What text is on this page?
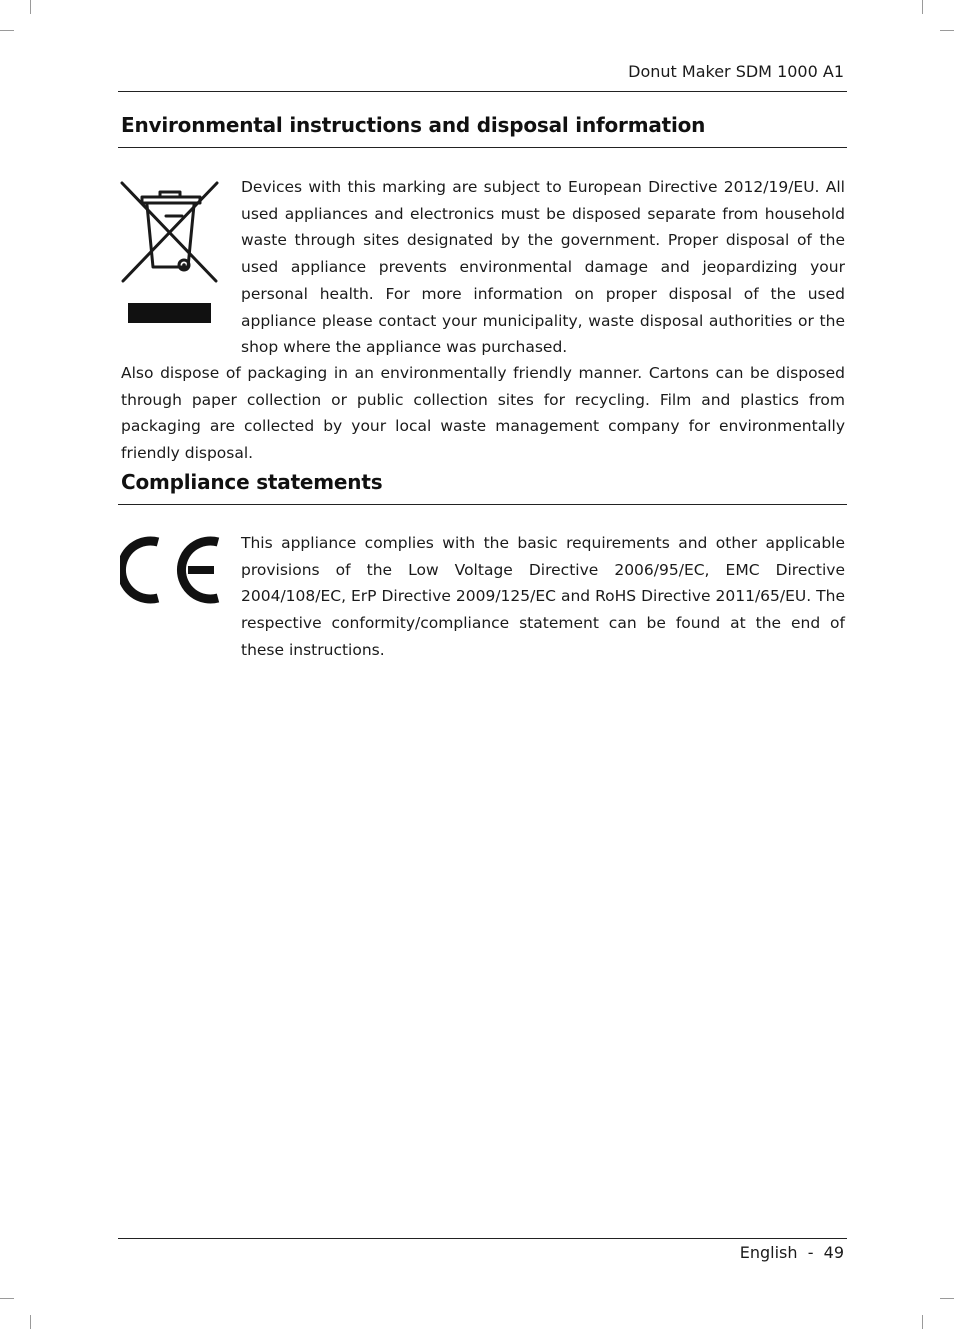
Donut Maker SDM 1000 A1
Environmental instructions and disposal information

Devices with this marking are subject to European Directive 2012/19/EU. All used appliances and electronics must be disposed separate from household waste through sites designated by the government. Proper disposal of the used appliance prevents environmental damage and jeopardizing your personal health. For more information on proper disposal of the used appliance please contact your municipality, waste disposal authorities or the shop where the appliance was purchased.

Also dispose of packaging in an environmentally friendly manner. Cartons can be disposed through paper collection or public collection sites for recycling. Film and plastics from packaging are collected by your local waste management company for environmentally friendly disposal.

Compliance statements

This appliance complies with the basic requirements and other applicable provisions of the Low Voltage Directive 2006/95/EC, EMC Directive 2004/108/EC, ErP Directive 2009/125/EC and RoHS Directive 2011/65/EU. The respective conformity/compliance statement can be found at the end of these instructions.

English  -  49
